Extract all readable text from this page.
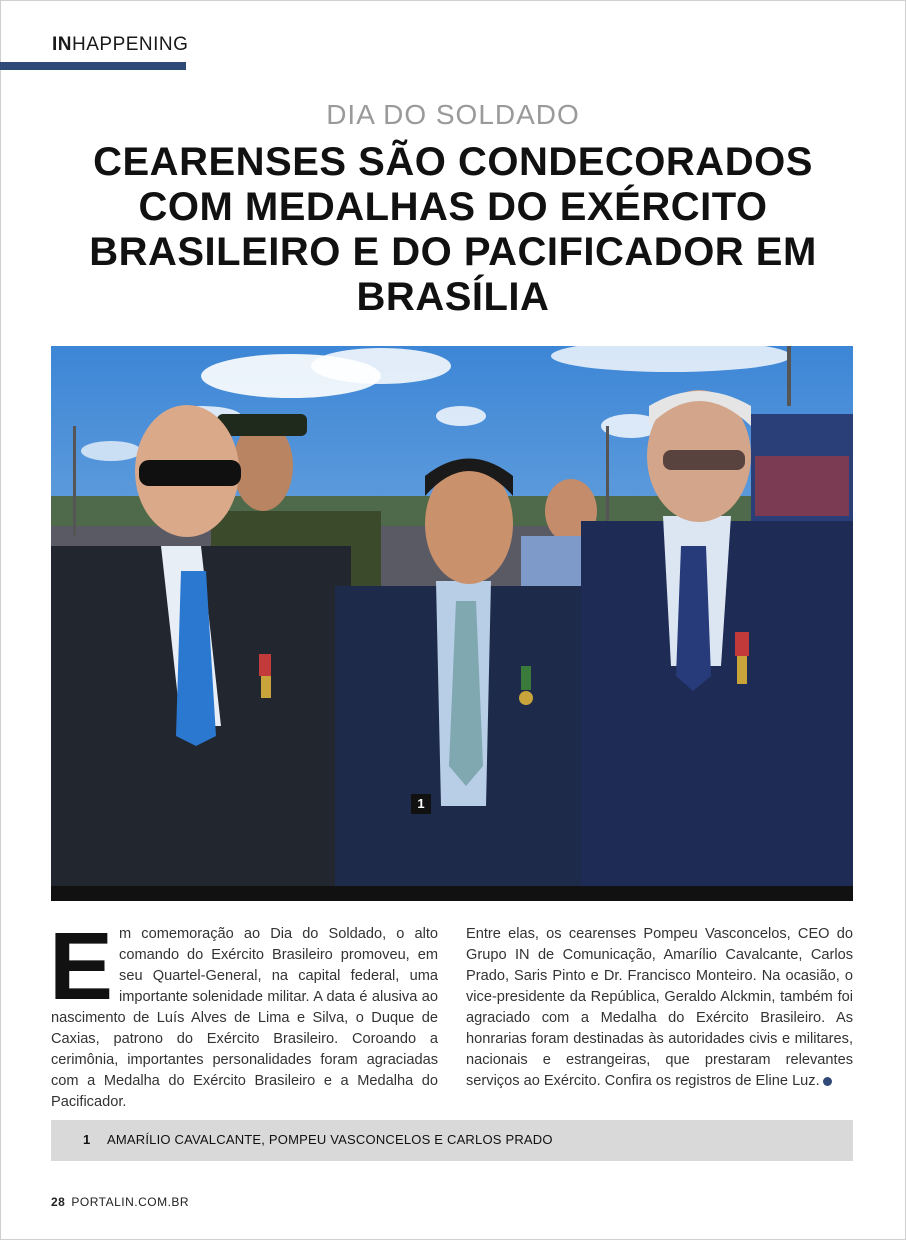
INHAPPENING
DIA DO SOLDADO
CEARENSES SÃO CONDECORADOS COM MEDALHAS DO EXÉRCITO BRASILEIRO E DO PACIFICADOR EM BRASÍLIA
1
Em comemoração ao Dia do Soldado, o alto comando do Exército Brasileiro promoveu, em seu Quartel-General, na capital federal, uma importante solenidade militar. A data é alusiva ao nascimento de Luís Alves de Lima e Silva, o Duque de Caxias, patrono do Exército Brasileiro. Coroando a cerimônia, importantes personalidades foram agraciadas com a Medalha do Exército Brasileiro e a Medalha do Pacificador.
Entre elas, os cearenses Pompeu Vasconcelos, CEO do Grupo IN de Comunicação, Amarílio Cavalcante, Carlos Prado, Saris Pinto e Dr. Francisco Monteiro. Na ocasião, o vice-presidente da República, Geraldo Alckmin, também foi agraciado com a Medalha do Exército Brasileiro. As honrarias foram destinadas às autoridades civis e militares, nacionais e estrangeiras, que prestaram relevantes serviços ao Exército. Confira os registros de Eline Luz.
1 AMARÍLIO CAVALCANTE, POMPEU VASCONCELOS E CARLOS PRADO
28 PORTALIN.COM.BR
